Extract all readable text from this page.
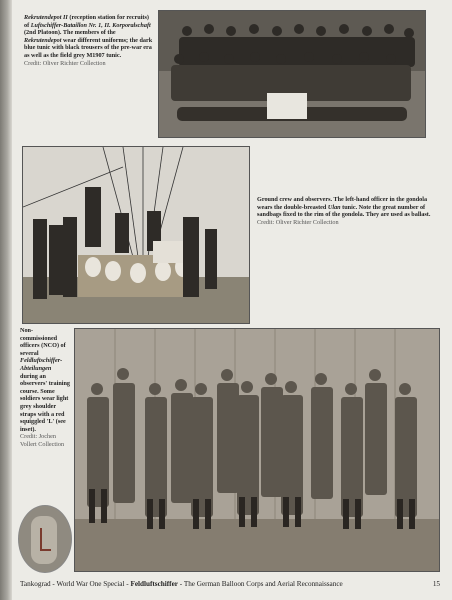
Rekrutendepot II (reception station for recruits) of Luftschiffer-Bataillon Nr. 1, II. Korporalschaft (2nd Platoon). The members of the Rekrutendepot wear different uniforms; the dark blue tunic with black trousers of the pre-war era as well as the field grey M1907 tunic.
Credit: Oliver Richter Collection
Ground crew and observers. The left-hand officer in the gondola wears the double-breasted Ulan tunic. Note the great number of sandbags fixed to the rim of the gondola. They are used as ballast.
Credit: Oliver Richter Collection
Non-commissioned officers (NCO) of several Feldluftschiffer-Abteilungen during an observers' training course. Some soldiers wear light grey shoulder straps with a red squiggled 'L' (see inset).
Credit: Jochen Vollert Collection
Tankograd - World War One Special - Feldluftschiffer - The German Balloon Corps and Aerial Reconnaissance	15
